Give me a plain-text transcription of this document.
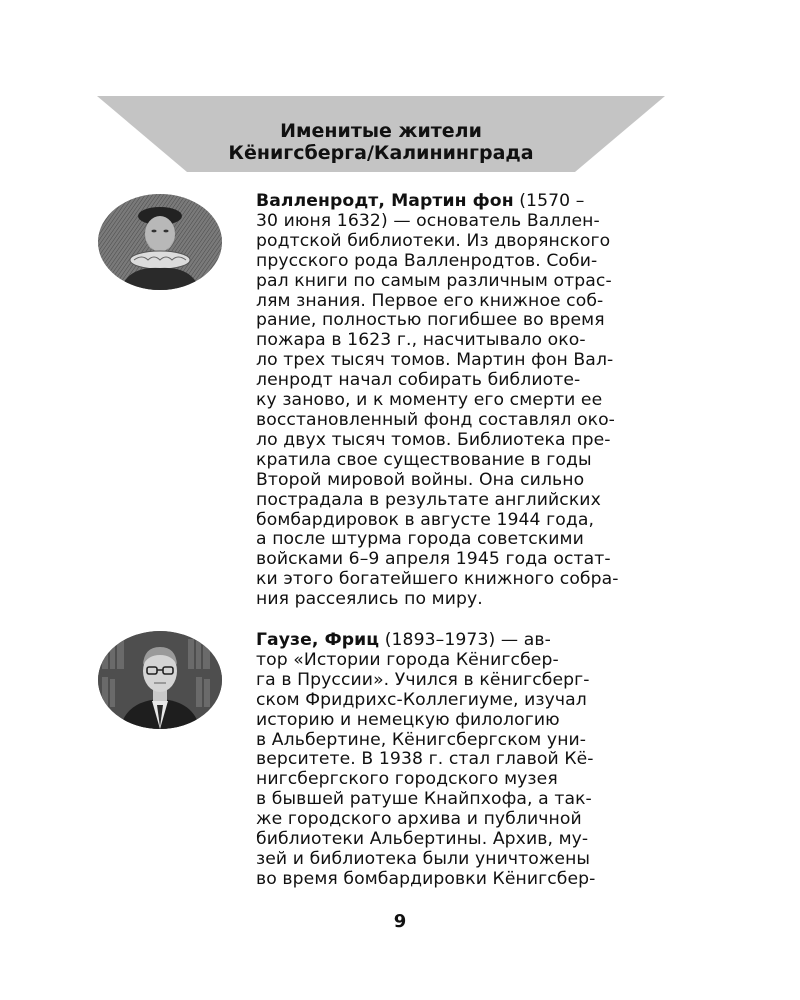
Именитые жители
Кёнигсберга/Калининграда
Валленродт, Мартин фон (1570 –
30 июня 1632) — основатель Валлен-
родтской библиотеки. Из дворянского
прусского рода Валленродтов. Соби-
рал книги по самым различным отрас-
лям знания. Первое его книжное соб-
рание, полностью погибшее во время
пожара в 1623 г., насчитывало око-
ло трех тысяч томов. Мартин фон Вал-
ленродт начал собирать библиоте-
ку заново, и к моменту его смерти ее
восстановленный фонд составлял око-
ло двух тысяч томов. Библиотека пре-
кратила свое существование в годы
Второй мировой войны. Она сильно
пострадала в результате английских
бомбардировок в августе 1944 года,
а после штурма города советскими
войсками 6–9 апреля 1945 года остат-
ки этого богатейшего книжного собра-
ния рассеялись по миру.
Гаузе, Фриц (1893–1973) — ав-
тор «Истории города Кёнигсбер-
га в Пруссии». Учился в кёнигсберг-
ском Фридрихс-Коллегиуме, изучал
историю и немецкую филологию
в Альбертине, Кёнигсбергском уни-
верситете. В 1938 г. стал главой Кё-
нигсбергского городского музея
в бывшей ратуше Кнайпхофа, а так-
же городского архива и публичной
библиотеки Альбертины. Архив, му-
зей и библиотека были уничтожены
во время бомбардировки Кёнигсбер-
9
